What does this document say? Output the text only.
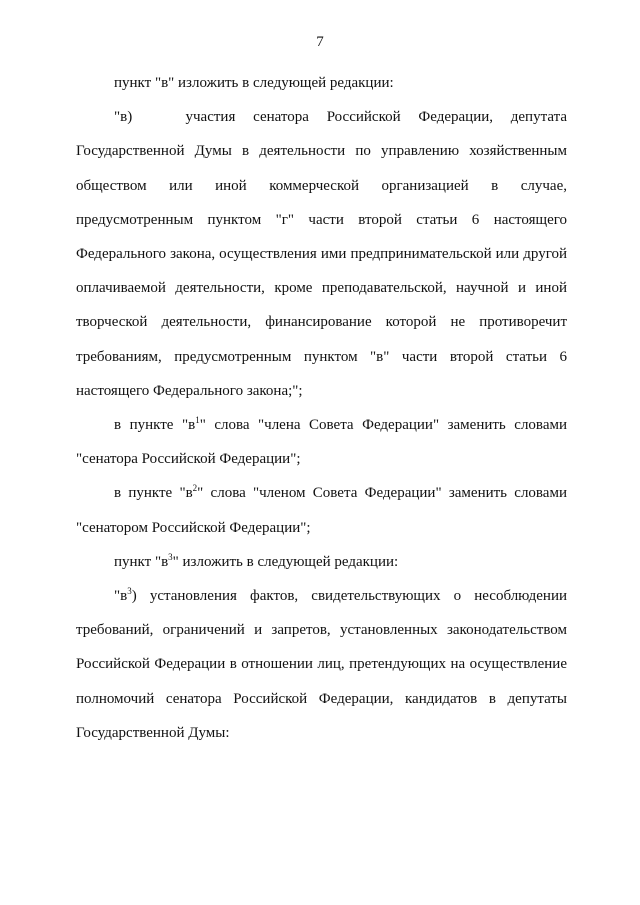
7

пункт "в" изложить в следующей редакции:

"в)   участия сенатора Российской Федерации, депутата Государственной Думы в деятельности по управлению хозяйственным обществом или иной коммерческой организацией в случае, предусмотренным пунктом "г" части второй статьи 6 настоящего Федерального закона, осуществления ими предпринимательской или другой оплачиваемой деятельности, кроме преподавательской, научной и иной творческой деятельности, финансирование которой не противоречит требованиям, предусмотренным пунктом "в" части второй статьи 6 настоящего Федерального закона;";

в пункте "$в^1$" слова "члена Совета Федерации" заменить словами "сенатора Российской Федерации";

в пункте "$в^2$" слова "членом Совета Федерации" заменить словами "сенатором Российской Федерации";

пункт "$в^3$" изложить в следующей редакции:

"$в^3$) установления фактов, свидетельствующих о несоблюдении требований, ограничений и запретов, установленных законодательством Российской Федерации в отношении лиц, претендующих на осуществление полномочий сенатора Российской Федерации, кандидатов в депутаты Государственной Думы:
